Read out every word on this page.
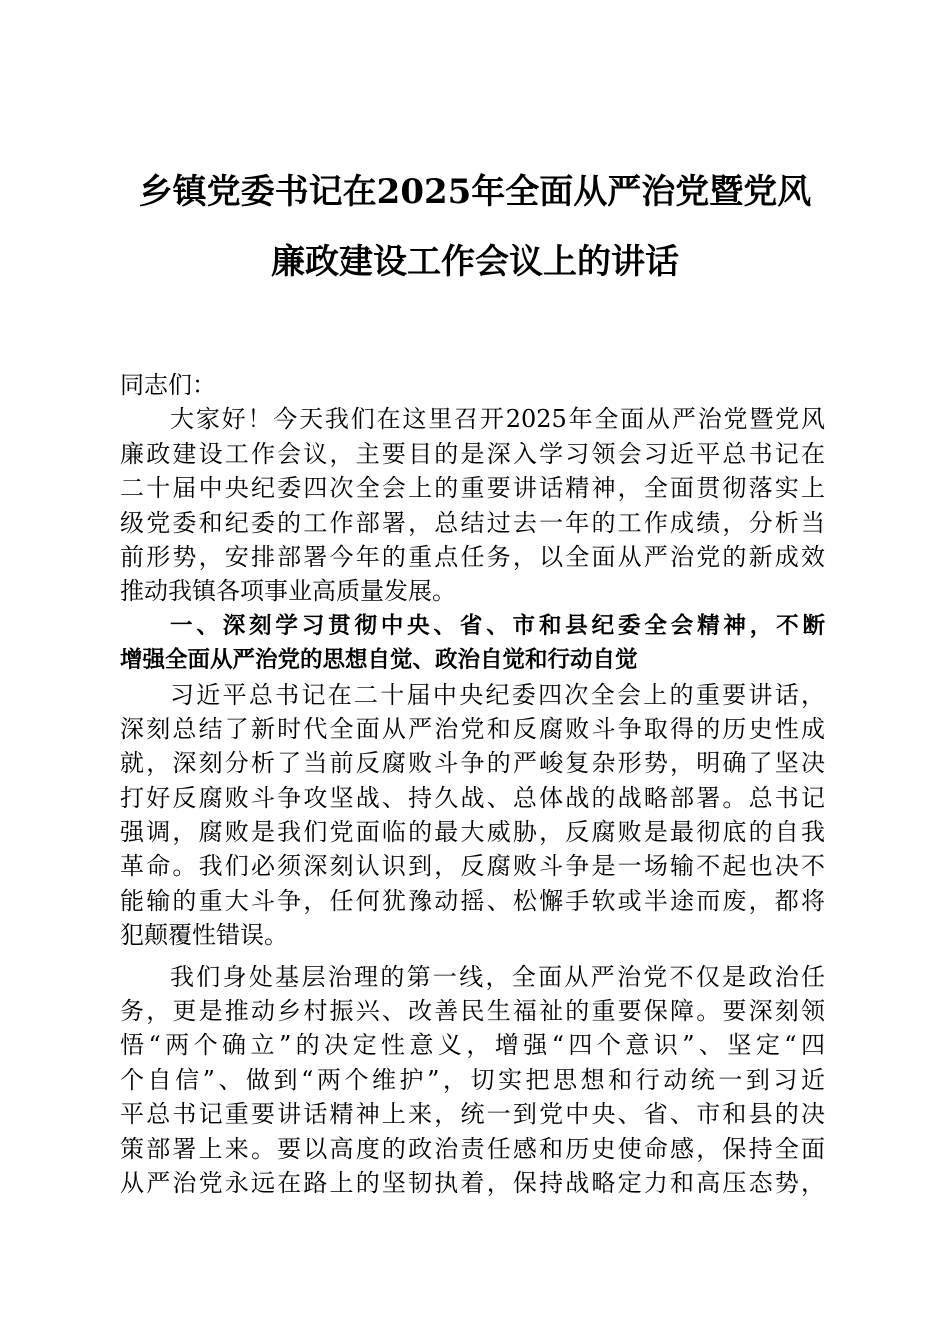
乡镇党委书记在2025年全面从严治党暨党风
廉政建设工作会议上的讲话
同志们：
大家好！今天我们在这里召开2025年全面从严治党暨党风
廉政建设工作会议，主要目的是深入学习领会习近平总书记在
二十届中央纪委四次全会上的重要讲话精神，全面贯彻落实上
级党委和纪委的工作部署，总结过去一年的工作成绩，分析当
前形势，安排部署今年的重点任务，以全面从严治党的新成效
推动我镇各项事业高质量发展。
一、深刻学习贯彻中央、省、市和县纪委全会精神，不断
增强全面从严治党的思想自觉、政治自觉和行动自觉
习近平总书记在二十届中央纪委四次全会上的重要讲话，
深刻总结了新时代全面从严治党和反腐败斗争取得的历史性成
就，深刻分析了当前反腐败斗争的严峻复杂形势，明确了坚决
打好反腐败斗争攻坚战、持久战、总体战的战略部署。总书记
强调，腐败是我们党面临的最大威胁，反腐败是最彻底的自我
革命。我们必须深刻认识到，反腐败斗争是一场输不起也决不
能输的重大斗争，任何犹豫动摇、松懈手软或半途而废，都将
犯颠覆性错误。
我们身处基层治理的第一线，全面从严治党不仅是政治任
务，更是推动乡村振兴、改善民生福祉的重要保障。要深刻领
悟“两个确立”的决定性意义，增强“四个意识”、坚定“四
个自信”、做到“两个维护”，切实把思想和行动统一到习近
平总书记重要讲话精神上来，统一到党中央、省、市和县的决
策部署上来。要以高度的政治责任感和历史使命感，保持全面
从严治党永远在路上的坚韧执着，保持战略定力和高压态势，
